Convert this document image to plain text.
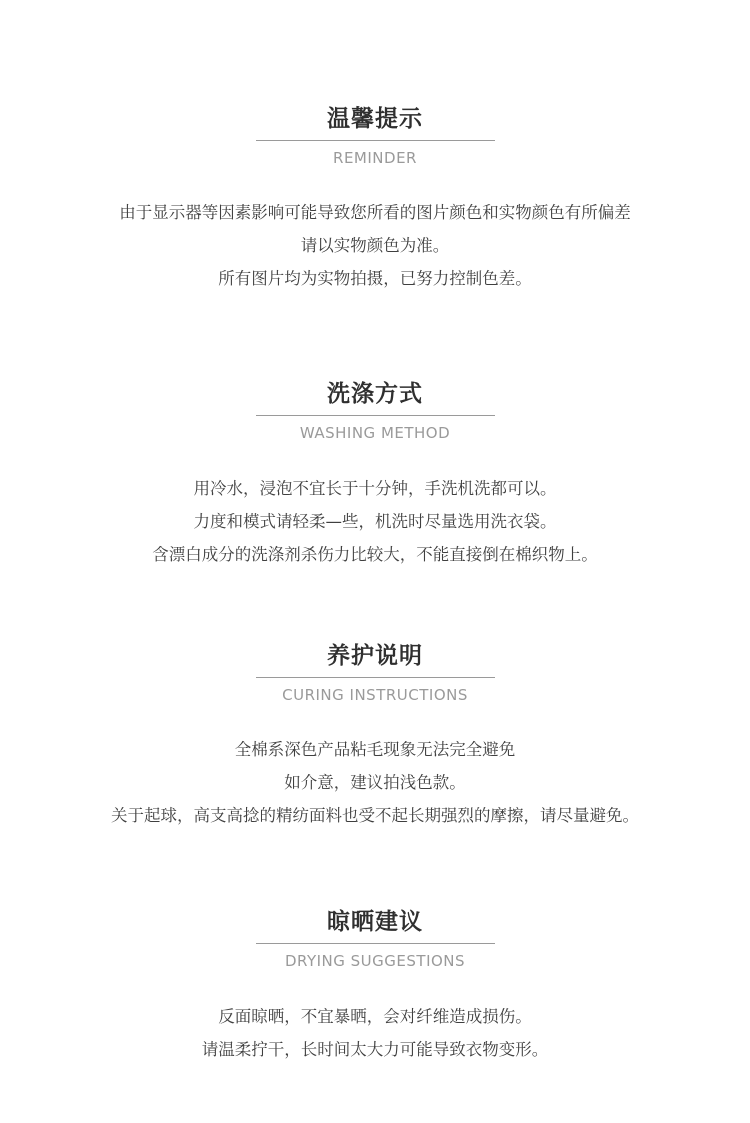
温馨提示
REMINDER
由于显示器等因素影响可能导致您所看的图片颜色和实物颜色有所偏差
请以实物颜色为准。
所有图片均为实物拍摄，已努力控制色差。
洗涤方式
WASHING METHOD
用冷水，浸泡不宜长于十分钟，手洗机洗都可以。
力度和模式请轻柔—些，机洗时尽量选用洗衣袋。
含漂白成分的洗涤剂杀伤力比较大，不能直接倒在棉织物上。
养护说明
CURING INSTRUCTIONS
全棉系深色产品粘毛现象无法完全避免
如介意，建议拍浅色款。
关于起球，高支高捻的精纺面料也受不起长期强烈的摩擦，请尽量避免。
晾晒建议
DRYING SUGGESTIONS
反面晾晒，不宜暴晒，会对纤维造成损伤。
请温柔拧干，长时间太大力可能导致衣物变形。
